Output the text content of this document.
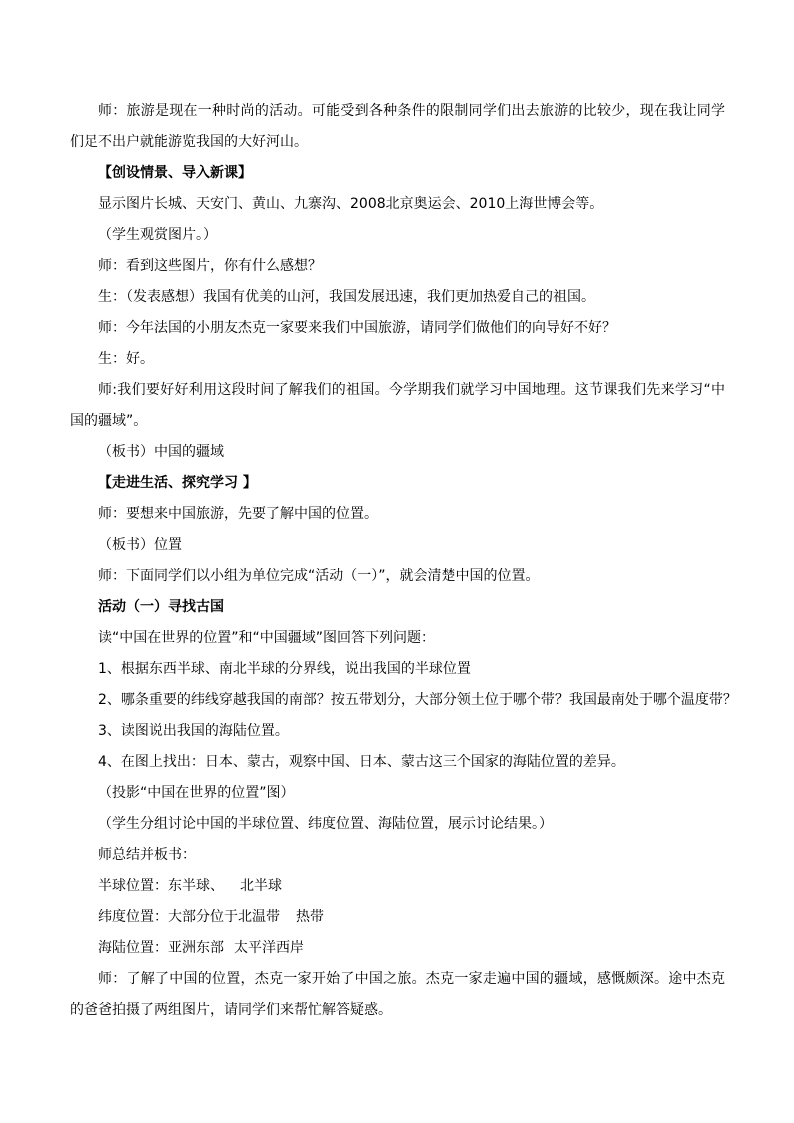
师：旅游是现在一种时尚的活动。可能受到各种条件的限制同学们出去旅游的比较少，现在我让同学们足不出户就能游览我国的大好河山。

【创设情景、导入新课】

显示图片长城、天安门、黄山、九寨沟、2008北京奥运会、2010上海世博会等。

（学生观赏图片。）

师：看到这些图片，你有什么感想？

生：（发表感想）我国有优美的山河，我国发展迅速，我们更加热爱自己的祖国。

师：今年法国的小朋友杰克一家要来我们中国旅游，请同学们做他们的向导好不好？

生：好。

师:我们要好好利用这段时间了解我们的祖国。今学期我们就学习中国地理。这节课我们先来学习“中国的疆域”。

（板书）中国的疆域

【走进生活、探究学习 】

师：要想来中国旅游，先要了解中国的位置。

（板书）位置

师：下面同学们以小组为单位完成“活动（一）”，就会清楚中国的位置。

活动（一）寻找古国

读“中国在世界的位置”和“中国疆域”图回答下列问题：

1、根据东西半球、南北半球的分界线，说出我国的半球位置

2、哪条重要的纬线穿越我国的南部？按五带划分，大部分领土位于哪个带？我国最南处于哪个温度带？

3、读图说出我国的海陆位置。

4、在图上找出：日本、蒙古，观察中国、日本、蒙古这三个国家的海陆位置的差异。

（投影“中国在世界的位置”图）

（学生分组讨论中国的半球位置、纬度位置、海陆位置，展示讨论结果。）

师总结并板书：

半球位置：东半球、 北半球

纬度位置：大部分位于北温带 热带

海陆位置：亚洲东部 太平洋西岸

师：了解了中国的位置，杰克一家开始了中国之旅。杰克一家走遍中国的疆域，感慨颇深。途中杰克的爸爸拍摄了两组图片，请同学们来帮忙解答疑惑。
